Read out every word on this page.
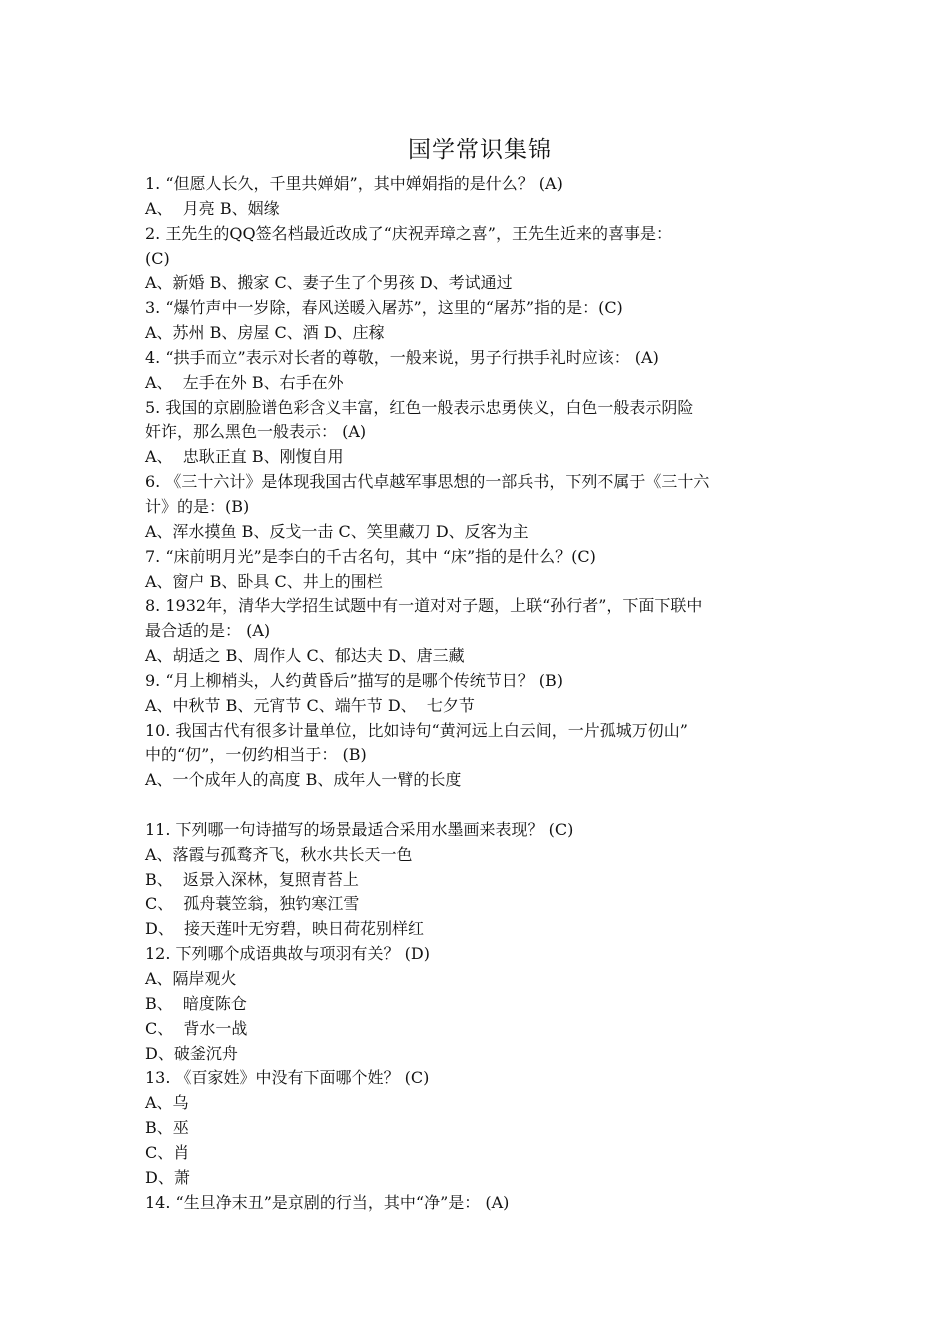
国学常识集锦
1. “但愿人长久，千里共婵娟”，其中婵娟指的是什么？ (A)
A、  月亮 B、姻缘
2. 王先生的QQ签名档最近改成了“庆祝弄璋之喜”，王先生近来的喜事是：
(C)
A、新婚 B、搬家 C、妻子生了个男孩 D、考试通过
3. “爆竹声中一岁除，春风送暖入屠苏”，这里的“屠苏”指的是：(C)
A、苏州 B、房屋 C、酒 D、庄稼
4. “拱手而立”表示对长者的尊敬，一般来说，男子行拱手礼时应该： (A)
A、  左手在外 B、右手在外
5. 我国的京剧脸谱色彩含义丰富，红色一般表示忠勇侠义，白色一般表示阴险
奸诈，那么黑色一般表示： (A)
A、  忠耿正直 B、刚愎自用
6. 《三十六计》是体现我国古代卓越军事思想的一部兵书，下列不属于《三十六
计》的是：(B)
A、浑水摸鱼 B、反戈一击 C、笑里藏刀 D、反客为主
7. “床前明月光”是李白的千古名句，其中 “床”指的是什么？(C)
A、窗户 B、卧具 C、井上的围栏
8. 1932年，清华大学招生试题中有一道对对子题，上联“孙行者”，下面下联中
最合适的是： (A)
A、胡适之 B、周作人 C、郁达夫 D、唐三藏
9. “月上柳梢头，人约黄昏后”描写的是哪个传统节日？ (B)
A、中秋节 B、元宵节 C、端午节 D、  七夕节
10. 我国古代有很多计量单位，比如诗句“黄河远上白云间，一片孤城万仞山”
中的“仞”，一仞约相当于： (B)
A、一个成年人的高度 B、成年人一臂的长度
11. 下列哪一句诗描写的场景最适合采用水墨画来表现？ (C)
A、落霞与孤鹜齐飞，秋水共长天一色
B、  返景入深林，复照青苔上
C、  孤舟蓑笠翁，独钓寒江雪
D、  接天莲叶无穷碧，映日荷花别样红
12. 下列哪个成语典故与项羽有关？ (D)
A、隔岸观火
B、  暗度陈仓
C、  背水一战
D、破釜沉舟
13. 《百家姓》中没有下面哪个姓？ (C)
A、乌
B、巫
C、肖
D、萧
14. “生旦净末丑”是京剧的行当，其中“净”是： (A)
